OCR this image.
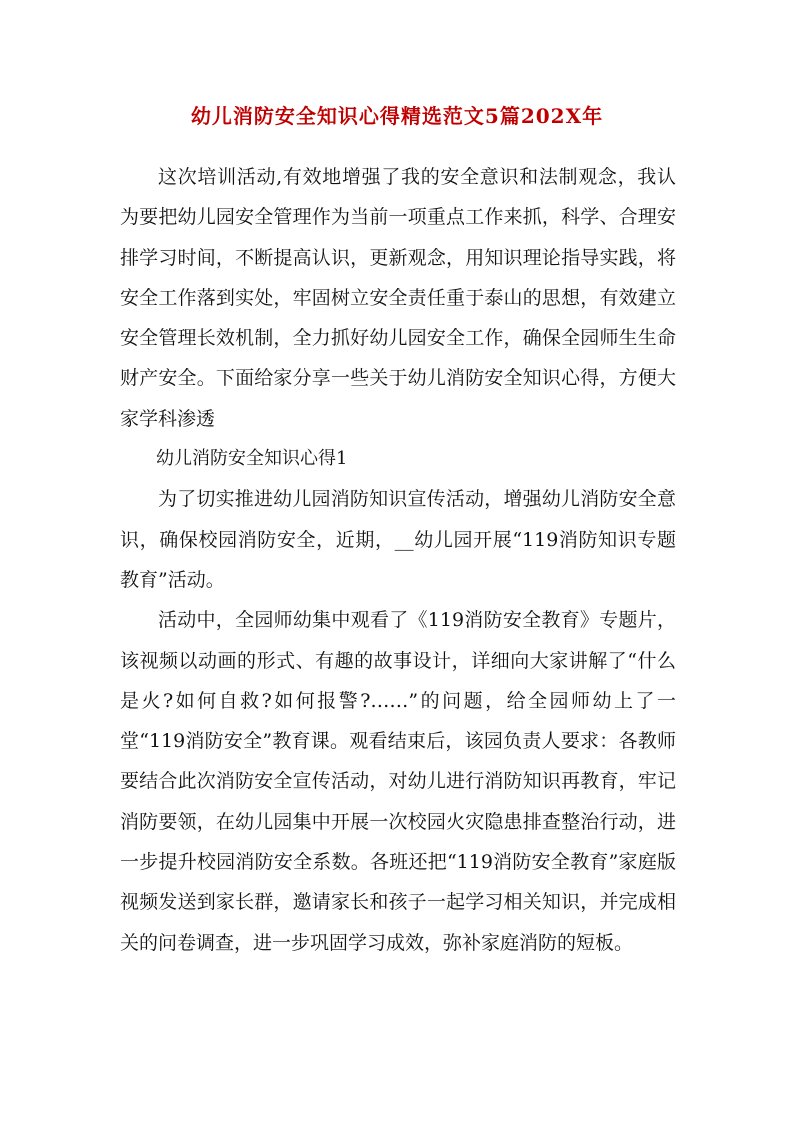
幼儿消防安全知识心得精选范文5篇202X年

这次培训活动,有效地增强了我的安全意识和法制观念，我认为要把幼儿园安全管理作为当前一项重点工作来抓，科学、合理安排学习时间，不断提高认识，更新观念，用知识理论指导实践，将安全工作落到实处，牢固树立安全责任重于泰山的思想，有效建立安全管理长效机制，全力抓好幼儿园安全工作，确保全园师生生命财产安全。下面给家分享一些关于幼儿消防安全知识心得，方便大家学科渗透

幼儿消防安全知识心得1

为了切实推进幼儿园消防知识宣传活动，增强幼儿消防安全意识，确保校园消防安全，近期，__幼儿园开展“119消防知识专题教育”活动。

活动中，全园师幼集中观看了《119消防安全教育》专题片，该视频以动画的形式、有趣的故事设计，详细向大家讲解了“什么是火?如何自救?如何报警?……”的问题，给全园师幼上了一堂“119消防安全”教育课。观看结束后，该园负责人要求：各教师要结合此次消防安全宣传活动，对幼儿进行消防知识再教育，牢记消防要领，在幼儿园集中开展一次校园火灾隐患排查整治行动，进一步提升校园消防安全系数。各班还把“119消防安全教育”家庭版视频发送到家长群，邀请家长和孩子一起学习相关知识，并完成相关的问卷调查，进一步巩固学习成效，弥补家庭消防的短板。
